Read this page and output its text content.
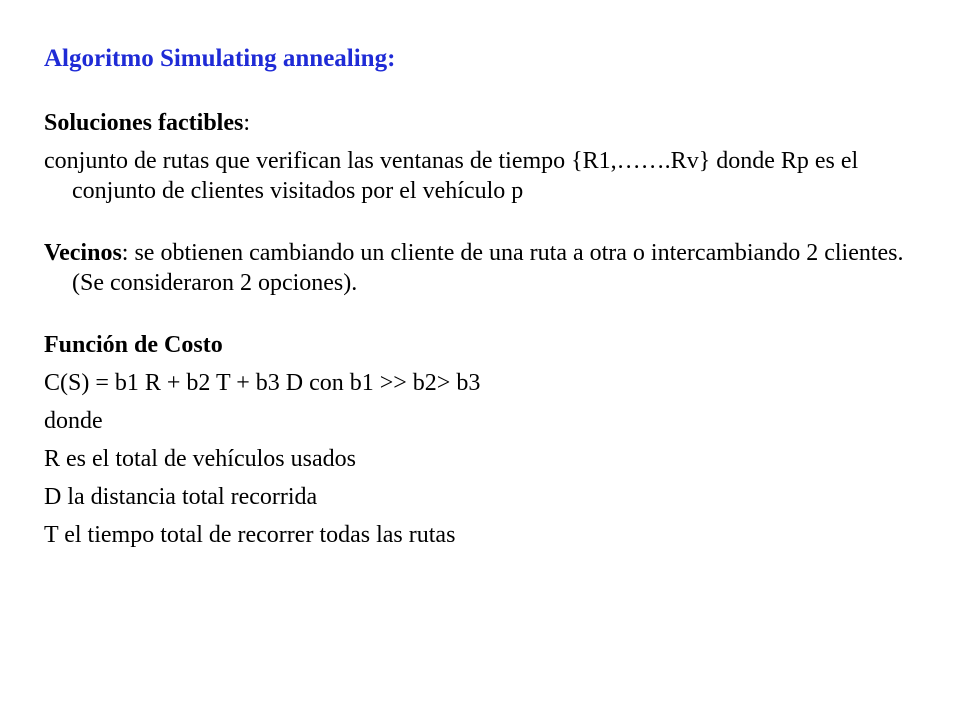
Algoritmo Simulating annealing:

Soluciones factibles:

conjunto de rutas que verifican las ventanas de tiempo {R1,…….Rv} donde Rp es el conjunto de clientes visitados por el vehículo p

Vecinos: se obtienen cambiando un cliente de una ruta a otra o intercambiando 2 clientes. (Se consideraron 2 opciones).

Función de Costo

C(S) = b1 R + b2 T + b3 D con b1 >> b2> b3

donde

R es el total de vehículos usados

D la distancia total recorrida

T el tiempo total de recorrer todas las rutas
